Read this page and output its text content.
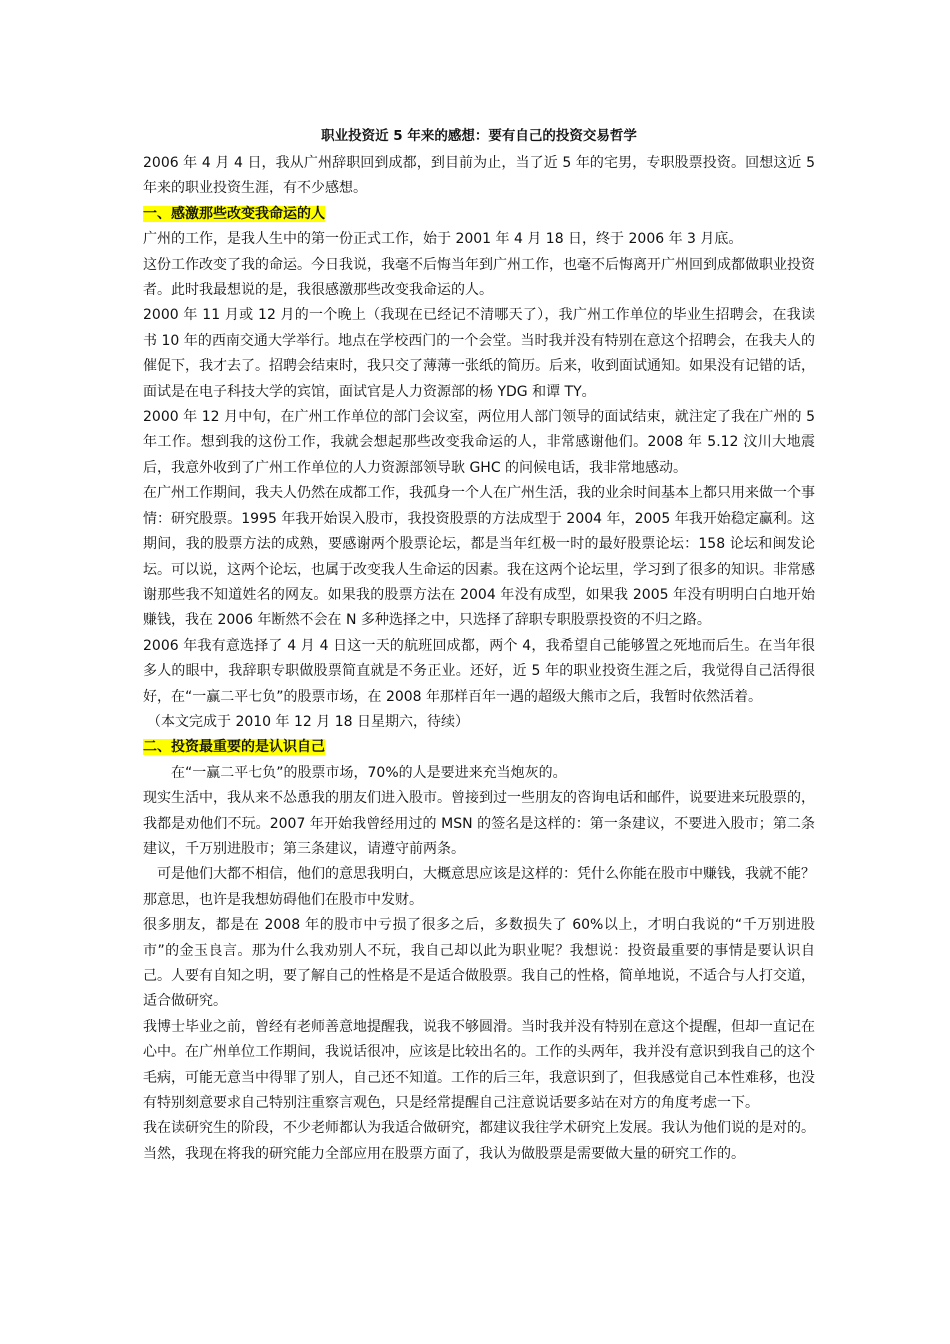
职业投资近 5 年来的感想：要有自己的投资交易哲学

2006 年 4 月 4 日，我从广州辞职回到成都，到目前为止，当了近 5 年的宅男，专职股票投资。回想这近 5 年来的职业投资生涯，有不少感想。

一、感激那些改变我命运的人

广州的工作，是我人生中的第一份正式工作，始于 2001 年 4 月 18 日，终于 2006 年 3 月底。

这份工作改变了我的命运。今日我说，我毫不后悔当年到广州工作，也毫不后悔离开广州回到成都做职业投资者。此时我最想说的是，我很感激那些改变我命运的人。

2000 年 11 月或 12 月的一个晚上（我现在已经记不清哪天了），我广州工作单位的毕业生招聘会，在我读书 10 年的西南交通大学举行。地点在学校西门的一个会堂。当时我并没有特别在意这个招聘会，在我夫人的催促下，我才去了。招聘会结束时，我只交了薄薄一张纸的简历。后来，收到面试通知。如果没有记错的话，面试是在电子科技大学的宾馆，面试官是人力资源部的杨 YDG 和谭 TY。

2000 年 12 月中旬，在广州工作单位的部门会议室，两位用人部门领导的面试结束，就注定了我在广州的 5 年工作。想到我的这份工作，我就会想起那些改变我命运的人，非常感谢他们。2008 年 5.12 汶川大地震后，我意外收到了广州工作单位的人力资源部领导耿 GHC 的问候电话，我非常地感动。

在广州工作期间，我夫人仍然在成都工作，我孤身一个人在广州生活，我的业余时间基本上都只用来做一个事情：研究股票。1995 年我开始误入股市，我投资股票的方法成型于 2004 年，2005 年我开始稳定赢利。这期间，我的股票方法的成熟，要感谢两个股票论坛，都是当年红极一时的最好股票论坛：158 论坛和闽发论坛。可以说，这两个论坛，也属于改变我人生命运的因素。我在这两个论坛里，学习到了很多的知识。非常感谢那些我不知道姓名的网友。如果我的股票方法在 2004 年没有成型，如果我 2005 年没有明明白白地开始赚钱，我在 2006 年断然不会在 N 多种选择之中，只选择了辞职专职股票投资的不归之路。

2006 年我有意选择了 4 月 4 日这一天的航班回成都，两个 4，我希望自己能够置之死地而后生。在当年很多人的眼中，我辞职专职做股票简直就是不务正业。还好，近 5 年的职业投资生涯之后，我觉得自己活得很好，在“一赢二平七负”的股票市场，在 2008 年那样百年一遇的超级大熊市之后，我暂时依然活着。

（本文完成于 2010 年 12 月 18 日星期六，待续）

二、投资最重要的是认识自己

在“一赢二平七负”的股票市场，70%的人是要进来充当炮灰的。

现实生活中，我从来不怂恿我的朋友们进入股市。曾接到过一些朋友的咨询电话和邮件，说要进来玩股票的，我都是劝他们不玩。2007 年开始我曾经用过的 MSN 的签名是这样的：第一条建议，不要进入股市；第二条建议，千万别进股市；第三条建议，请遵守前两条。

可是他们大都不相信，他们的意思我明白，大概意思应该是这样的：凭什么你能在股市中赚钱，我就不能？那意思，也许是我想妨碍他们在股市中发财。

很多朋友，都是在 2008 年的股市中亏损了很多之后，多数损失了 60%以上，才明白我说的“千万别进股市”的金玉良言。那为什么我劝别人不玩，我自己却以此为职业呢？我想说：投资最重要的事情是要认识自己。人要有自知之明，要了解自己的性格是不是适合做股票。我自己的性格，简单地说，不适合与人打交道，适合做研究。

我博士毕业之前，曾经有老师善意地提醒我，说我不够圆滑。当时我并没有特别在意这个提醒，但却一直记在心中。在广州单位工作期间，我说话很冲，应该是比较出名的。工作的头两年，我并没有意识到我自己的这个毛病，可能无意当中得罪了别人，自己还不知道。工作的后三年，我意识到了，但我感觉自己本性难移，也没有特别刻意要求自己特别注重察言观色，只是经常提醒自己注意说话要多站在对方的角度考虑一下。

我在读研究生的阶段，不少老师都认为我适合做研究，都建议我往学术研究上发展。我认为他们说的是对的。当然，我现在将我的研究能力全部应用在股票方面了，我认为做股票是需要做大量的研究工作的。
